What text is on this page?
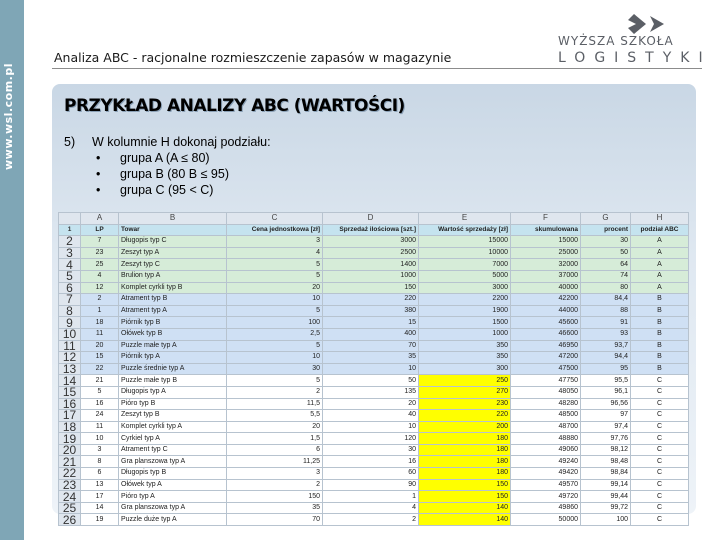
www.wsl.com.pl
Analiza ABC - racjonalne rozmieszczenie zapasów w magazynie
WYŻSZA SZKOŁA
LOGISTYKI
PRZYKŁAD ANALIZY ABC (WARTOŚCI)
5) W kolumnie H dokonaj podziału:
• grupa A (A ≤ 80)
• grupa B (80 B ≤ 95)
• grupa C (95 < C)
	A	B	C	D	E	F	G	H
1	LP	Towar	Cena jednostkowa [zł]	Sprzedaż ilościowa [szt.]	Wartość sprzedaży [zł]	skumulowana	procent	podział ABC
2	7	Długopis typ C	3	3000	15000	15000	30	A
3	23	Zeszyt typ A	4	2500	10000	25000	50	A
4	25	Zeszyt typ C	5	1400	7000	32000	64	A
5	4	Brulion typ A	5	1000	5000	37000	74	A
6	12	Komplet cyrkli typ B	20	150	3000	40000	80	A
7	2	Atrament typ B	10	220	2200	42200	84,4	B
8	1	Atrament typ A	5	380	1900	44000	88	B
9	18	Piórnik typ B	100	15	1500	45600	91	B
10	11	Ołówek typ B	2,5	400	1000	46600	93	B
11	20	Puzzle małe typ A	5	70	350	46950	93,7	B
12	15	Piórnik typ A	10	35	350	47200	94,4	B
13	22	Puzzle średnie typ A	30	10	300	47500	95	B
14	21	Puzzle małe typ B	5	50	250	47750	95,5	C
15	5	Długopis typ A	2	135	270	48050	96,1	C
16	16	Pióro typ B	11,5	20	230	48280	96,56	C
17	24	Zeszyt typ B	5,5	40	220	48500	97	C
18	11	Komplet cyrkli typ A	20	10	200	48700	97,4	C
19	10	Cyrkiel typ A	1,5	120	180	48880	97,76	C
20	3	Atrament typ C	6	30	180	49060	98,12	C
21	8	Gra planszowa typ A	11,25	16	180	49240	98,48	C
22	6	Długopis typ B	3	60	180	49420	98,84	C
23	13	Ołówek typ A	2	90	150	49570	99,14	C
24	17	Pióro typ A	150	1	150	49720	99,44	C
25	14	Gra planszowa typ A	35	4	140	49860	99,72	C
26	19	Puzzle duże typ A	70	2	140	50000	100	C
